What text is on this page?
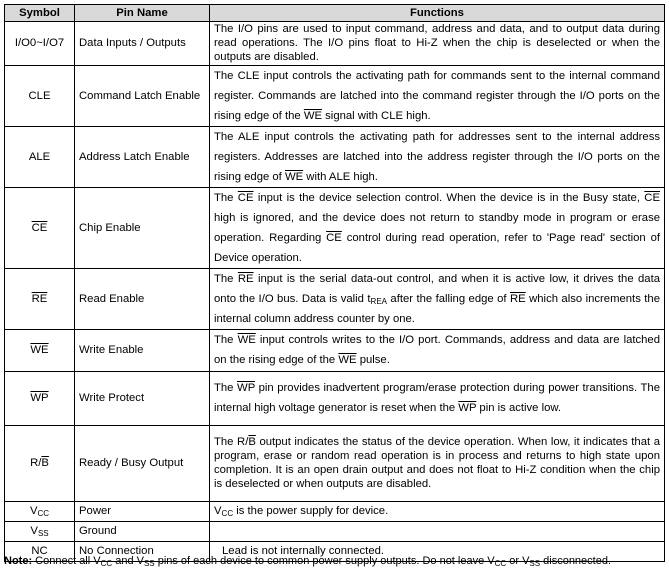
Symbol	Pin Name	Functions
I/O0~I/O7	Data Inputs / Outputs	The I/O pins are used to input command, address and data, and to output data during read operations. The I/O pins float to Hi-Z when the chip is deselected or when the outputs are disabled.
CLE	Command Latch Enable	The CLE input controls the activating path for commands sent to the internal command register. Commands are latched into the command register through the I/O ports on the rising edge of the $\overline{WE}$ signal with CLE high.
ALE	Address Latch Enable	The ALE input controls the activating path for addresses sent to the internal address registers. Addresses are latched into the address register through the I/O ports on the rising edge of $\overline{WE}$ with ALE high.
$\overline{CE}$	Chip Enable	The $\overline{CE}$ input is the device selection control. When the device is in the Busy state, $\overline{CE}$ high is ignored, and the device does not return to standby mode in program or erase operation. Regarding $\overline{CE}$ control during read operation, refer to 'Page read' section of Device operation.
$\overline{RE}$	Read Enable	The $\overline{RE}$ input is the serial data-out control, and when it is active low, it drives the data onto the I/O bus. Data is valid $t_{REA}$ after the falling edge of $\overline{RE}$ which also increments the internal column address counter by one.
$\overline{WE}$	Write Enable	The $\overline{WE}$ input controls writes to the I/O port. Commands, address and data are latched on the rising edge of the $\overline{WE}$ pulse.
$\overline{WP}$	Write Protect	The $\overline{WP}$ pin provides inadvertent program/erase protection during power transitions. The internal high voltage generator is reset when the $\overline{WP}$ pin is active low.
$R/\overline{B}$	Ready / Busy Output	The $R/\overline{B}$ output indicates the status of the device operation. When low, it indicates that a program, erase or random read operation is in process and returns to high state upon completion. It is an open drain output and does not float to Hi-Z condition when the chip is deselected or when outputs are disabled.
$V_{CC}$	Power	$V_{CC}$ is the power supply for device.
$V_{SS}$	Ground	
NC	No Connection	Lead is not internally connected.
Note: Connect all $V_{CC}$ and $V_{SS}$ pins of each device to common power supply outputs. Do not leave $V_{CC}$ or $V_{SS}$ disconnected.
